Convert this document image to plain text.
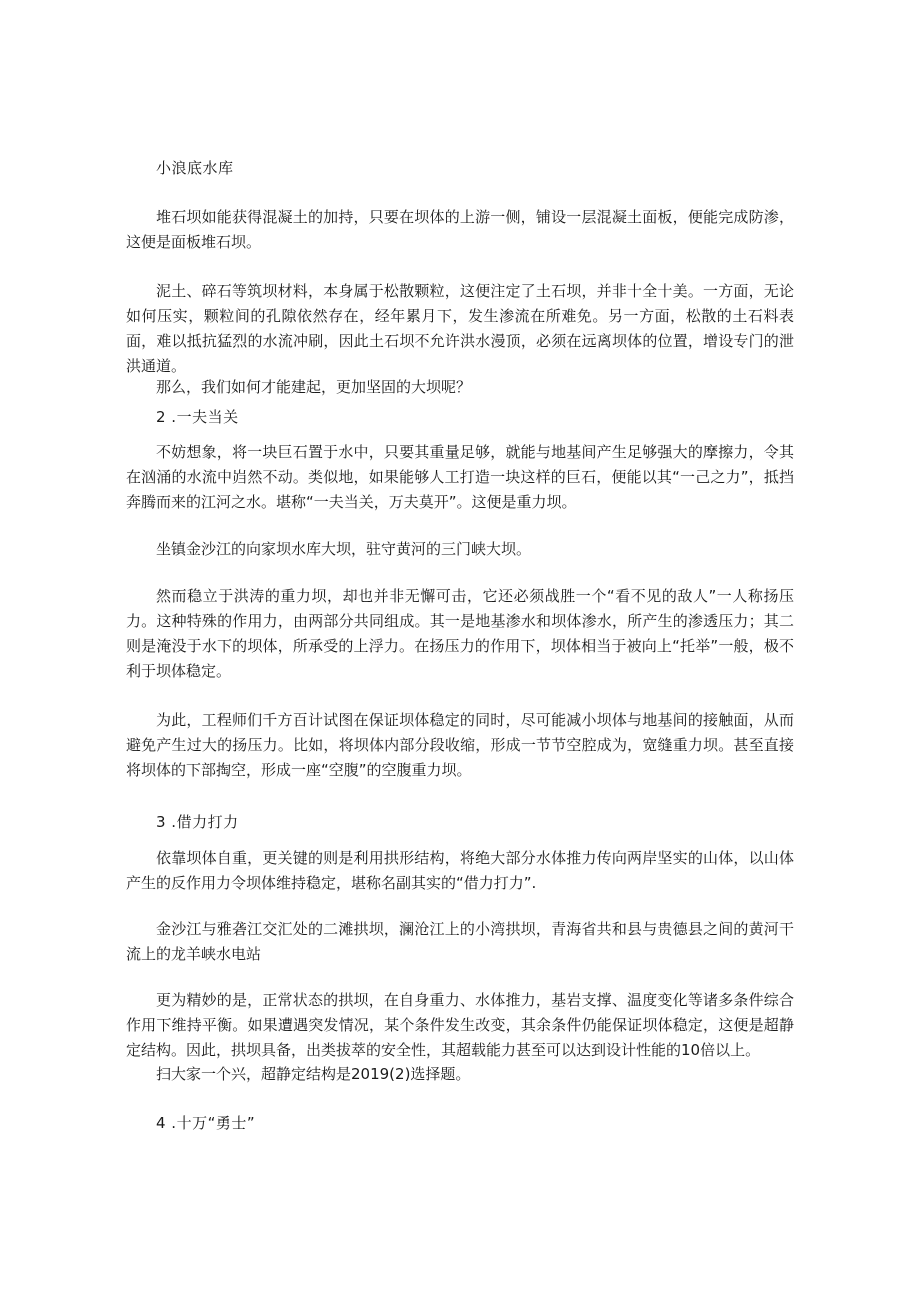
小浪底水库

堆石坝如能获得混凝土的加持，只要在坝体的上游一侧，铺设一层混凝土面板，便能完成防渗，这便是面板堆石坝。

泥土、碎石等筑坝材料，本身属于松散颗粒，这便注定了土石坝，并非十全十美。一方面，无论如何压实，颗粒间的孔隙依然存在，经年累月下，发生渗流在所难免。另一方面，松散的土石料表面，难以抵抗猛烈的水流冲刷，因此土石坝不允许洪水漫顶，必须在远离坝体的位置，增设专门的泄洪通道。

那么，我们如何才能建起，更加坚固的大坝呢？

2 .一夫当关

不妨想象，将一块巨石置于水中，只要其重量足够，就能与地基间产生足够强大的摩擦力，令其在汹涌的水流中岿然不动。类似地，如果能够人工打造一块这样的巨石，便能以其“一己之力”，抵挡奔腾而来的江河之水。堪称“一夫当关，万夫莫开”。这便是重力坝。

坐镇金沙江的向家坝水库大坝，驻守黄河的三门峡大坝。

然而稳立于洪涛的重力坝，却也并非无懈可击，它还必须战胜一个“看不见的敌人”一人称扬压力。这种特殊的作用力，由两部分共同组成。其一是地基渗水和坝体渗水，所产生的渗透压力；其二则是淹没于水下的坝体，所承受的上浮力。在扬压力的作用下，坝体相当于被向上“托举”一般，极不利于坝体稳定。

为此，工程师们千方百计试图在保证坝体稳定的同时，尽可能减小坝体与地基间的接触面，从而避免产生过大的扬压力。比如，将坝体内部分段收缩，形成一节节空腔成为，宽缝重力坝。甚至直接将坝体的下部掏空，形成一座“空腹”的空腹重力坝。

3 .借力打力

依靠坝体自重，更关键的则是利用拱形结构，将绝大部分水体推力传向两岸坚实的山体，以山体产生的反作用力令坝体维持稳定，堪称名副其实的“借力打力”.

金沙江与雅砻江交汇处的二滩拱坝，澜沧江上的小湾拱坝，青海省共和县与贵德县之间的黄河干流上的龙羊峡水电站

更为精妙的是，正常状态的拱坝，在自身重力、水体推力，基岩支撑、温度变化等诸多条件综合作用下维持平衡。如果遭遇突发情况，某个条件发生改变，其余条件仍能保证坝体稳定，这便是超静定结构。因此，拱坝具备，出类拔萃的安全性，其超载能力甚至可以达到设计性能的10倍以上。

扫大家一个兴，超静定结构是2019(2)选择题。

4 .十万“勇士”
